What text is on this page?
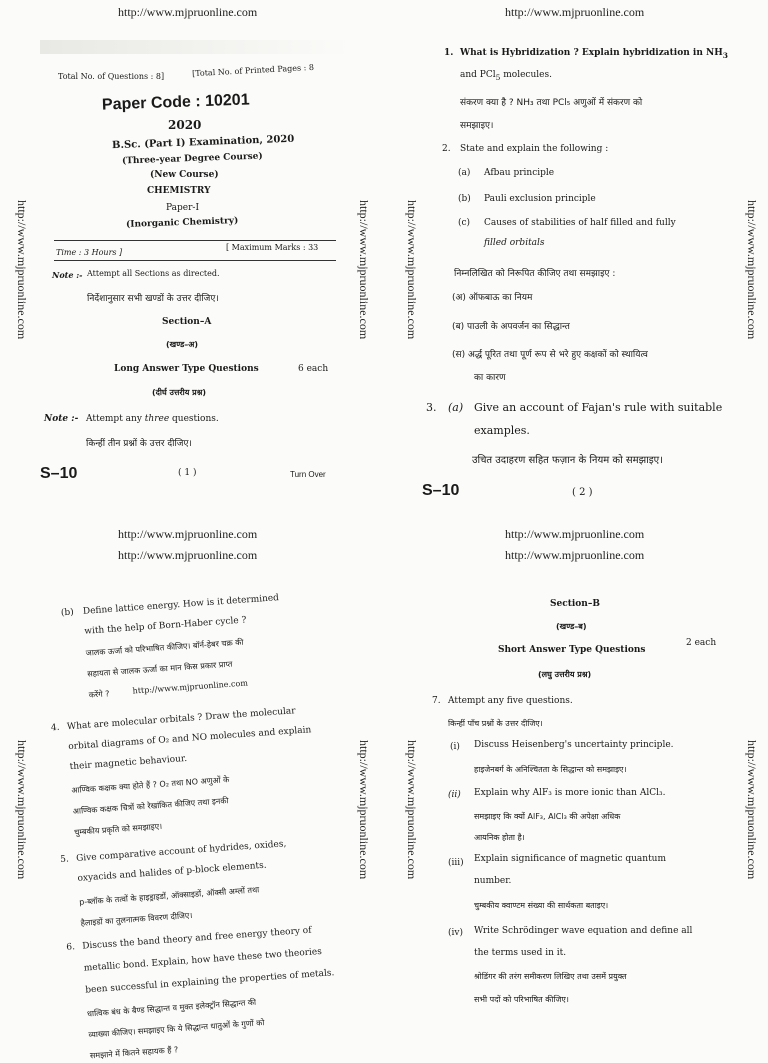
http://www.mjpruonline.com	http://www.mjpruonline.com
http://www.mjpruonline.com
http://www.mjpruonline.com
http://www.mjpruonline.com
http://www.mjpruonline.com
http://www.mjpruonline.com	http://www.mjpruonline.com	http://www.mjpruonline.com	http://www.mjpruonline.com
http://www.mjpruonline.com	http://www.mjpruonline.com	http://www.mjpruonline.com	http://www.mjpruonline.com
Total No. of Questions : 8]	[Total No. of Printed Pages : 8
Paper Code : 10201
2020
B.Sc. (Part I) Examination, 2020
(Three-year Degree Course)
(New Course)
CHEMISTRY
Paper-I
(Inorganic Chemistry)
Time : 3 Hours ]
[ Maximum Marks : 33
Note :- Attempt all Sections as directed.
निर्देशानुसार सभी खण्डों के उत्तर दीजिए।
Section–A
(खण्ड–अ)
Long Answer Type Questions	6 each
(दीर्घ उत्तरीय प्रश्न)
Note :- Attempt any three questions.
किन्हीं तीन प्रश्नों के उत्तर दीजिए।
S–10	( 1 )	Turn Over
1. What is Hybridization ? Explain hybridization in $NH_3$
and PCl$_5$ molecules.
संकरण क्या है ? NH₃ तथा PCl₅ अणुओं में संकरण को
समझाइए।
2. State and explain the following :
(a) Afbau principle
(b) Pauli exclusion principle
(c) Causes of stabilities of half filled and fully
filled orbitals
निम्नलिखित को निरूपित कीजिए तथा समझाइए :
(अ) ऑफबाऊ का नियम
(ब) पाउली के अपवर्जन का सिद्धान्त
(स) अर्द्ध पूरित तथा पूर्ण रूप से भरे हुए कक्षकों को स्थायित्व
का कारण
3. (a) Give an account of Fajan's rule with suitable
examples.
उचित उदाहरण सहित फज़ान के नियम को समझाइए।
S–10	( 2 )
(b) Define lattice energy. How is it determined
with the help of Born-Haber cycle ?
जालक ऊर्जा को परिभाषित कीजिए। बॉर्न-हेबर चक्र की
सहायता से जालक ऊर्जा का मान किस प्रकार प्राप्त
करेंगे ?	http://www.mjpruonline.com
4. What are molecular orbitals ? Draw the molecular
orbital diagrams of O₂ and NO molecules and explain
their magnetic behaviour.
आण्विक कक्षक क्या होते हैं ? O₂ तथा NO अणुओं के
आण्विक कक्षक चित्रों को रेखांकित कीजिए तथा इनकी
चुम्बकीय प्रकृति को समझाइए।
5. Give comparative account of hydrides, oxides,
oxyacids and halides of p-block elements.
p-ब्लॉक के तत्वों के हाइड्राइडों, ऑक्साइडों, ऑक्सी अम्लों तथा
हैलाइडों का तुलनात्मक विवरण दीजिए।
6. Discuss the band theory and free energy theory of
metallic bond. Explain, how have these two theories
been successful in explaining the properties of metals.
धात्विक बंध के बैण्ड सिद्धान्त व मुक्त इलेक्ट्रॉन सिद्धान्त की
व्याख्या कीजिए। समझाइए कि ये सिद्धान्त धातुओं के गुणों को
समझाने में कितने सहायक हैं ?
Section–B
(खण्ड–ब)
Short Answer Type Questions
2 each
(लघु उत्तरीय प्रश्न)
7. Attempt any five questions.
किन्हीं पाँच प्रश्नों के उत्तर दीजिए।
(i) Discuss Heisenberg's uncertainty principle.
हाइजेनबर्ग के अनिश्चितता के सिद्धान्त को समझाइए।
(ii) Explain why AlF₃ is more ionic than AlCl₃.
समझाइए कि क्यों AlF₃, AlCl₃ की अपेक्षा अधिक
आयनिक होता है।
(iii) Explain significance of magnetic quantum
number.
चुम्बकीय क्वाण्टम संख्या की सार्थकता बताइए।
(iv) Write Schrödinger wave equation and define all
the terms used in it.
श्रोडिंगर की तरंग समीकरण लिखिए तथा उसमें प्रयुक्त
सभी पदों को परिभाषित कीजिए।
